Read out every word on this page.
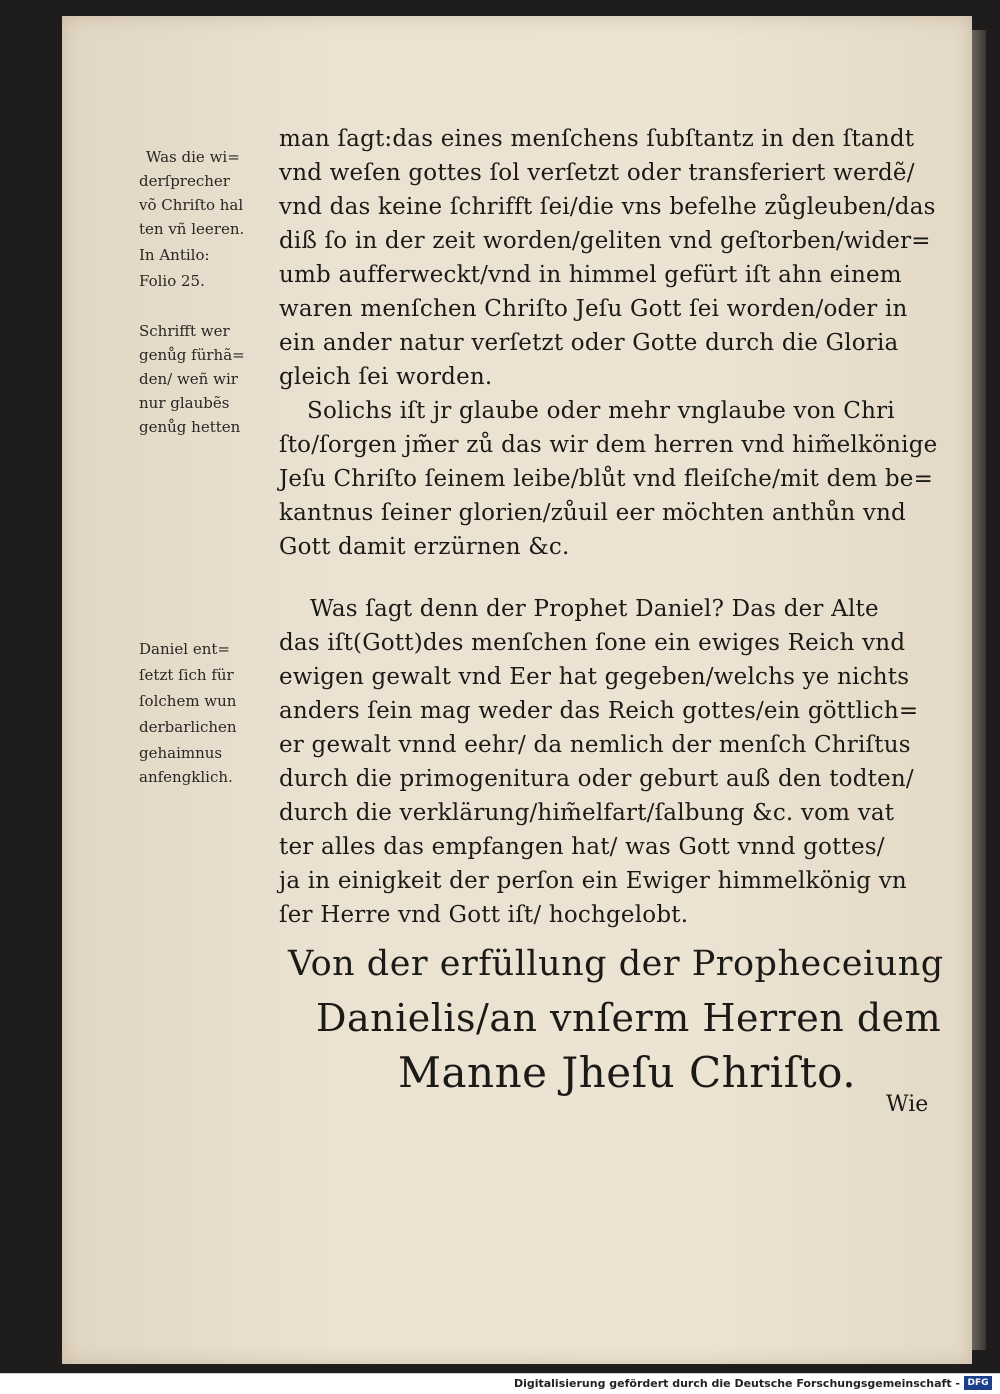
man ſagt:das eines menſchens ſubſtantz in den ſtandt
vnd weſen gottes ſol verſetzt oder transferiert werdẽ/
vnd das keine ſchrifft ſei/die vns befelhe zůgleuben/das
diß ſo in der zeit worden/geliten vnd geſtorben/wider=
umb aufferweckt/vnd in himmel gefürt iſt ahn einem
waren menſchen Chriſto Jeſu Gott ſei worden/oder in
ein ander natur verſetzt oder Gotte durch die Gloria
gleich ſei worden.
Solichs iſt jr glaube oder mehr vnglaube von Chri
ſto/ſorgen jm̃er zů das wir dem herren vnd him̃elkönige
Jeſu Chriſto ſeinem leibe/blůt vnd fleiſche/mit dem be=
kantnus ſeiner glorien/zůuil eer möchten anthůn vnd
Gott damit erzürnen &c.
Was ſagt denn der Prophet Daniel? Das der Alte
das iſt(Gott)des menſchen ſone ein ewiges Reich vnd
ewigen gewalt vnd Eer hat gegeben/welchs ye nichts
anders ſein mag weder das Reich gottes/ein göttlich=
er gewalt vnnd eehr/ da nemlich der menſch Chriſtus
durch die primogenitura oder geburt auß den todten/
durch die verklärung/him̃elfart/ſalbung &c. vom vat
ter alles das empfangen hat/ was Gott vnnd gottes/
ja in einigkeit der perſon ein Ewiger himmelkönig vn
ſer Herre vnd Gott iſt/ hochgelobt.
Was die wi=
derſprecher
võ Chriſto hal
ten vñ leeren.
In Antilo:
Folio 25.
Schrifft wer
genůg fürhã=
den/ weñ wir
nur glaubẽs
genůg hetten
Daniel ent=
ſetzt ſich für
ſolchem wun
derbarlichen
gehaimnus
anfengklich.
Von der erfüllung der Prophecеiung
Danielis/an vnſerm Herren dem
Manne Jheſu Chriſto.
Wie
Digitalisierung gefördert durch die Deutsche Forschungsgemeinschaft - DFG
